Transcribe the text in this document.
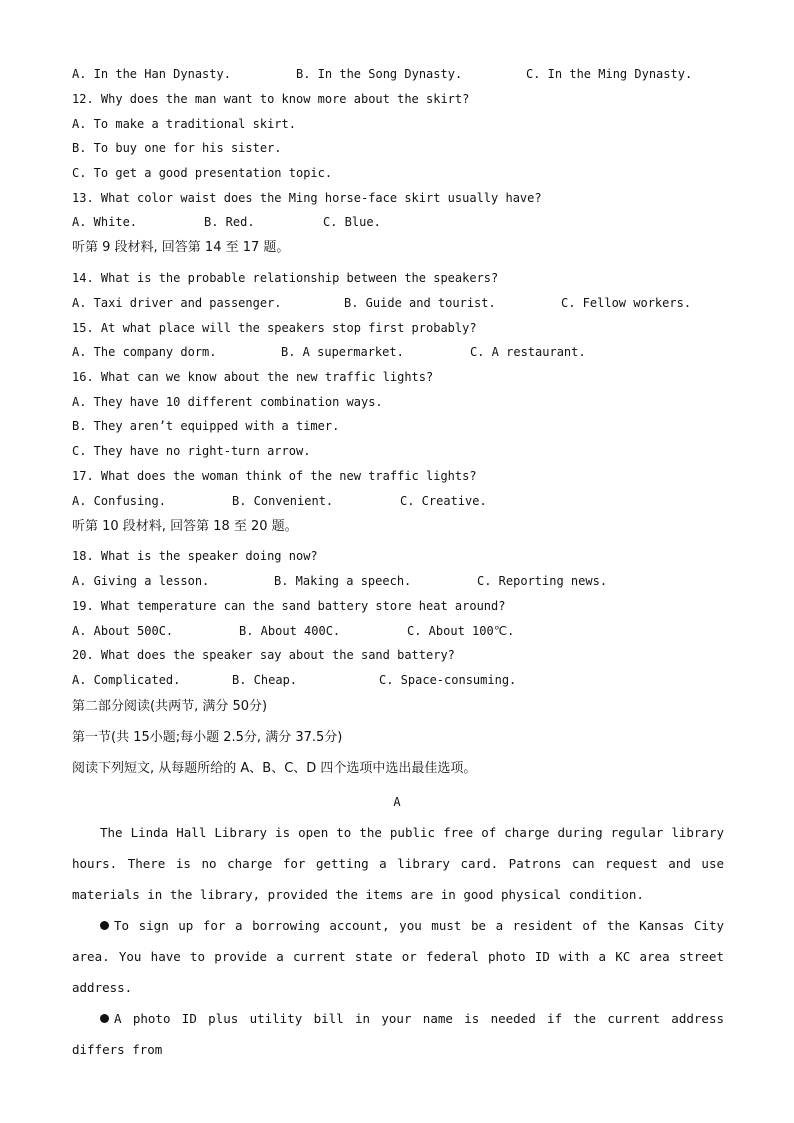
A. In the Han Dynasty.	B. In the Song Dynasty.	C. In the Ming Dynasty.
12. Why does the man want to know more about the skirt?
A. To make a traditional skirt.
B. To buy one for his sister.
C. To get a good presentation topic.
13. What color waist does the Ming horse-face skirt usually have?
A. White.	B. Red.	C. Blue.
听第 9 段材料, 回答第 14 至 17 题。
14. What is the probable relationship between the speakers?
A. Taxi driver and passenger.	B. Guide and tourist.	C. Fellow workers.
15. At what place will the speakers stop first probably?
A. The company dorm.	B. A supermarket.	C. A restaurant.
16. What can we know about the new traffic lights?
A. They have 10 different combination ways.
B. They aren’t equipped with a timer.
C. They have no right-turn arrow.
17. What does the woman think of the new traffic lights?
A. Confusing.	B. Convenient.	C. Creative.
听第 10 段材料, 回答第 18 至 20 题。
18. What is the speaker doing now?
A. Giving a lesson.	B. Making a speech.	C. Reporting news.
19. What temperature can the sand battery store heat around?
A. About 500C.	B. About 400C.	C. About 100℃.
20. What does the speaker say about the sand battery?
A. Complicated.	B. Cheap.	C. Space-consuming.
第二部分阅读(共两节, 满分 50分)
第一节(共 15小题;每小题 2.5分, 满分 37.5分)
阅读下列短文, 从每题所给的 A、B、C、D 四个选项中选出最佳选项。
A

The Linda Hall Library is open to the public free of charge during regular library hours. There is no charge for getting a library card. Patrons can request and use materials in the library, provided the items are in good physical condition.

To sign up for a borrowing account, you must be a resident of the Kansas City area. You have to provide a current state or federal photo ID with a KC area street address.

A photo ID plus utility bill in your name is needed if the current address differs from
